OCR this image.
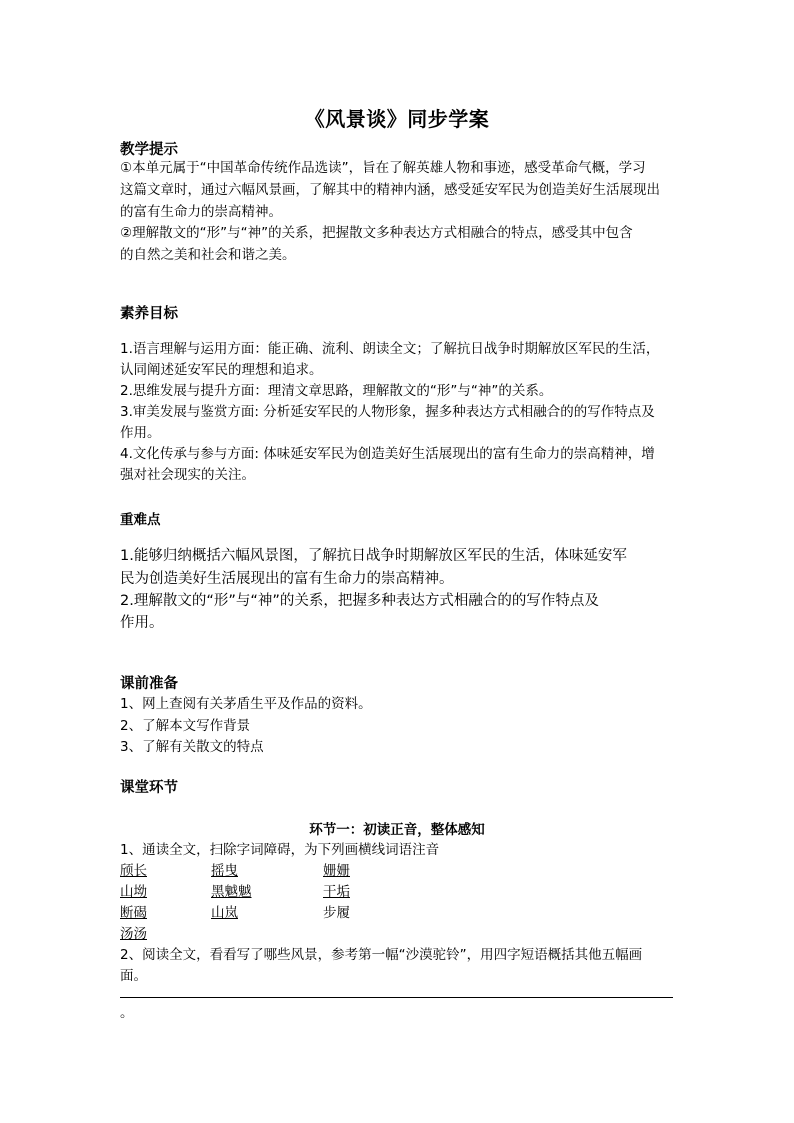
《风景谈》同步学案
教学提示
①本单元属于“中国革命传统作品选读”，旨在了解英雄人物和事迹，感受革命气概，学习
这篇文章时，通过六幅风景画，了解其中的精神内涵，感受延安军民为创造美好生活展现出
的富有生命力的崇高精神。
②理解散文的“形”与“神”的关系，把握散文多种表达方式相融合的特点，感受其中包含
的自然之美和社会和谐之美。
素养目标
1.语言理解与运用方面：能正确、流利、朗读全文；了解抗日战争时期解放区军民的生活，
认同阐述延安军民的理想和追求。
2.思维发展与提升方面：理清文章思路，理解散文的“形”与“神”的关系。
3.审美发展与鉴赏方面: 分析延安军民的人物形象，握多种表达方式相融合的的写作特点及
作用。
4.文化传承与参与方面: 体味延安军民为创造美好生活展现出的富有生命力的崇高精神，增
强对社会现实的关注。
重难点
1.能够归纳概括六幅风景图，了解抗日战争时期解放区军民的生活，体味延安军
民为创造美好生活展现出的富有生命力的崇高精神。
2.理解散文的“形”与“神”的关系，把握多种表达方式相融合的的写作特点及
作用。
课前准备
1、网上查阅有关茅盾生平及作品的资料。
2、了解本文写作背景
3、了解有关散文的特点
课堂环节
环节一：初读正音，整体感知
1、通读全文，扫除字词障碍，为下列画横线词语注音
颀长	摇曳	姗姗
山坳	黑魆魆	干垢
断碣	山岚	步履
汤汤
2、阅读全文，看看写了哪些风景，参考第一幅“沙漠驼铃”，用四字短语概括其他五幅画
面。
。
